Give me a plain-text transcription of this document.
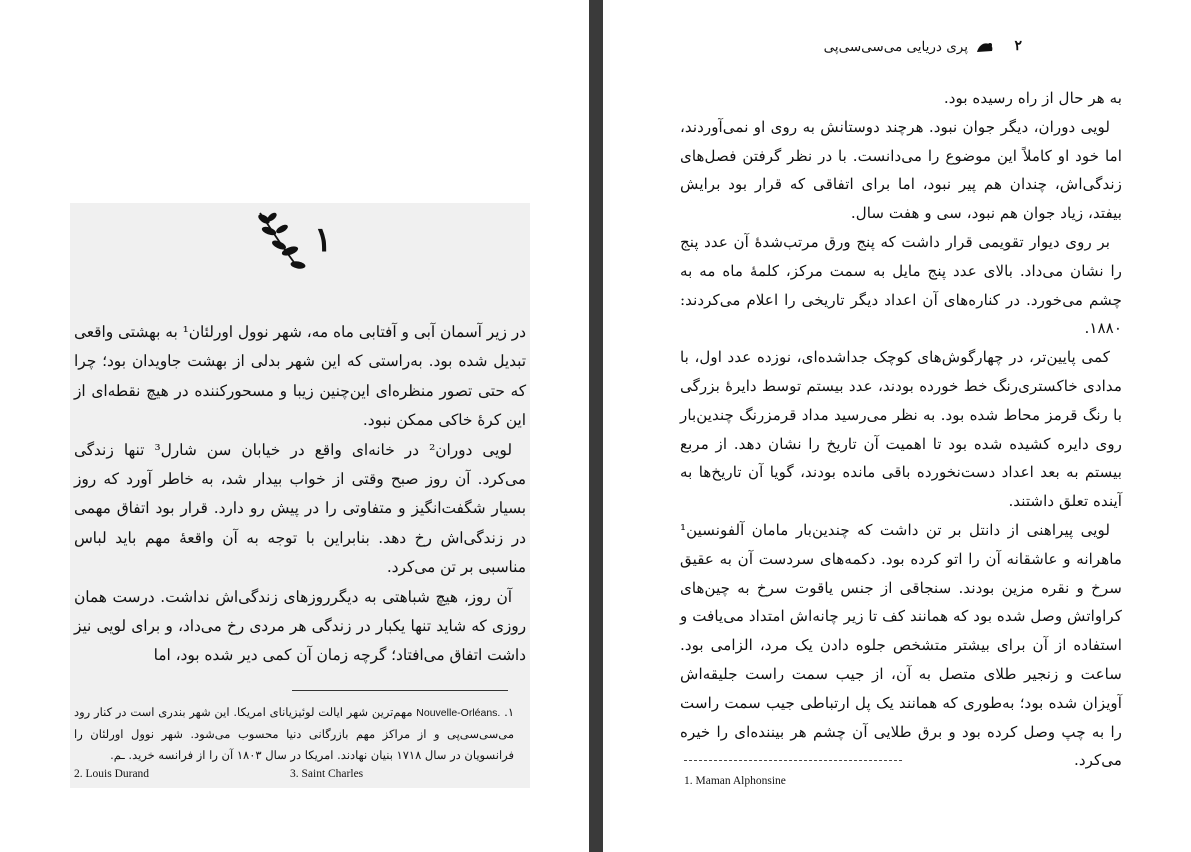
۱

در زیر آسمان آبی و آفتابی ماه مه، شهر نوول اورلئان¹ به بهشتی واقعی تبدیل شده بود. به‌راستی که این شهر بدلی از بهشت جاویدان بود؛ چرا که حتی تصور منظره‌ای این‌چنین زیبا و مسحورکننده در هیچ نقطه‌ای از این کرهٔ خاکی ممکن نبود.

لویی دوران² در خانه‌ای واقع در خیابان سن شارل³ تنها زندگی می‌کرد. آن روز صبح وقتی از خواب بیدار شد، به خاطر آورد که روز بسیار شگفت‌انگیز و متفاوتی را در پیش رو دارد. قرار بود اتفاق مهمی در زندگی‌اش رخ دهد. بنابراین با توجه به آن واقعهٔ مهم باید لباس مناسبی بر تن می‌کرد.

آن روز، هیچ شباهتی به دیگرروزهای زندگی‌اش نداشت. درست همان روزی که شاید تنها یکبار در زندگی هر مردی رخ می‌داد، و برای لویی نیز داشت اتفاق می‌افتاد؛ گرچه زمان آن کمی دیر شده بود، اما

۱. Nouvelle-Orléans. مهم‌ترین شهر ایالت لوئیزیانای امریکا. این شهر بندری است در کنار رود می‌سی‌سی‌پی و از مراکز مهم بازرگانی دنیا محسوب می‌شود. شهر نوول اورلئان را فرانسویان در سال ۱۷۱۸ بنیان نهادند. امریکا در سال ۱۸۰۳ آن را از فرانسه خرید. ـم.

2. Louis Durand	3. Saint Charles
پری دریایی می‌سی‌سی‌پی	۲

به هر حال از راه رسیده بود.

لویی دوران، دیگر جوان نبود. هرچند دوستانش به روی او نمی‌آوردند، اما خود او کاملاً این موضوع را می‌دانست. با در نظر گرفتن فصل‌های زندگی‌اش، چندان هم پیر نبود، اما برای اتفاقی که قرار بود برایش بیفتد، زیاد جوان هم نبود، سی و هفت سال.

بر روی دیوار تقویمی قرار داشت که پنج ورق مرتب‌شدهٔ آن عدد پنج را نشان می‌داد. بالای عدد پنج مایل به سمت مرکز، کلمهٔ ماه مه به چشم می‌خورد. در کناره‌های آن اعداد دیگر تاریخی را اعلام می‌کردند: ۱۸۸۰.

کمی پایین‌تر، در چهارگوش‌های کوچک جداشده‌ای، نوزده عدد اول، با مدادی خاکستری‌رنگ خط خورده بودند، عدد بیستم توسط دایرهٔ بزرگی با رنگ قرمز محاط شده بود. به نظر می‌رسید مداد قرمزرنگ چندین‌بار روی دایره کشیده شده بود تا اهمیت آن تاریخ را نشان دهد. از مربع بیستم به بعد اعداد دست‌نخورده باقی مانده بودند، گویا آن تاریخ‌ها به آینده تعلق داشتند.

لویی پیراهنی از دانتل بر تن داشت که چندین‌بار مامان آلفونسین¹ ماهرانه و عاشقانه آن را اتو کرده بود. دکمه‌های سردست آن به عقیق سرخ و نقره مزین بودند. سنجاقی از جنس یاقوت سرخ به چین‌های کراواتش وصل شده بود که همانند کف تا زیر چانه‌اش امتداد می‌یافت و استفاده از آن برای بیشتر متشخص جلوه دادن یک مرد، الزامی بود. ساعت و زنجیر طلای متصل به آن، از جیب سمت راست جلیقه‌اش آویزان شده بود؛ به‌طوری که همانند یک پل ارتباطی جیب سمت راست را به چپ وصل کرده بود و برق طلایی آن چشم هر بیننده‌ای را خیره می‌کرد.

1. Maman Alphonsine
